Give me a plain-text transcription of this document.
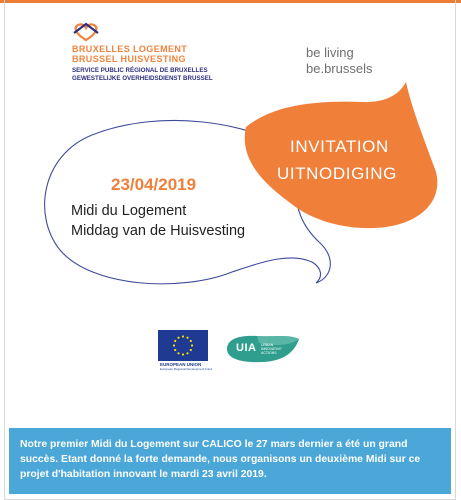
BRUXELLES LOGEMENT
BRUSSEL HUISVESTING
SERVICE PUBLIC RÉGIONAL DE BRUXELLES
GEWESTELIJKE OVERHEIDSDIENST BRUSSEL
be living
be.brussels
INVITATION
UITNODIGING
23/04/2019
Midi du Logement
Middag van de Huisvesting
EUROPEAN UNION
European Regional Development Fund
UIA URBAN INNOVATIVE ACTIONS
Notre premier Midi du Logement sur CALICO le 27 mars dernier a été un grand succès. Etant donné la forte demande, nous organisons un deuxième Midi sur ce projet d'habitation innovant le mardi 23 avril 2019.
